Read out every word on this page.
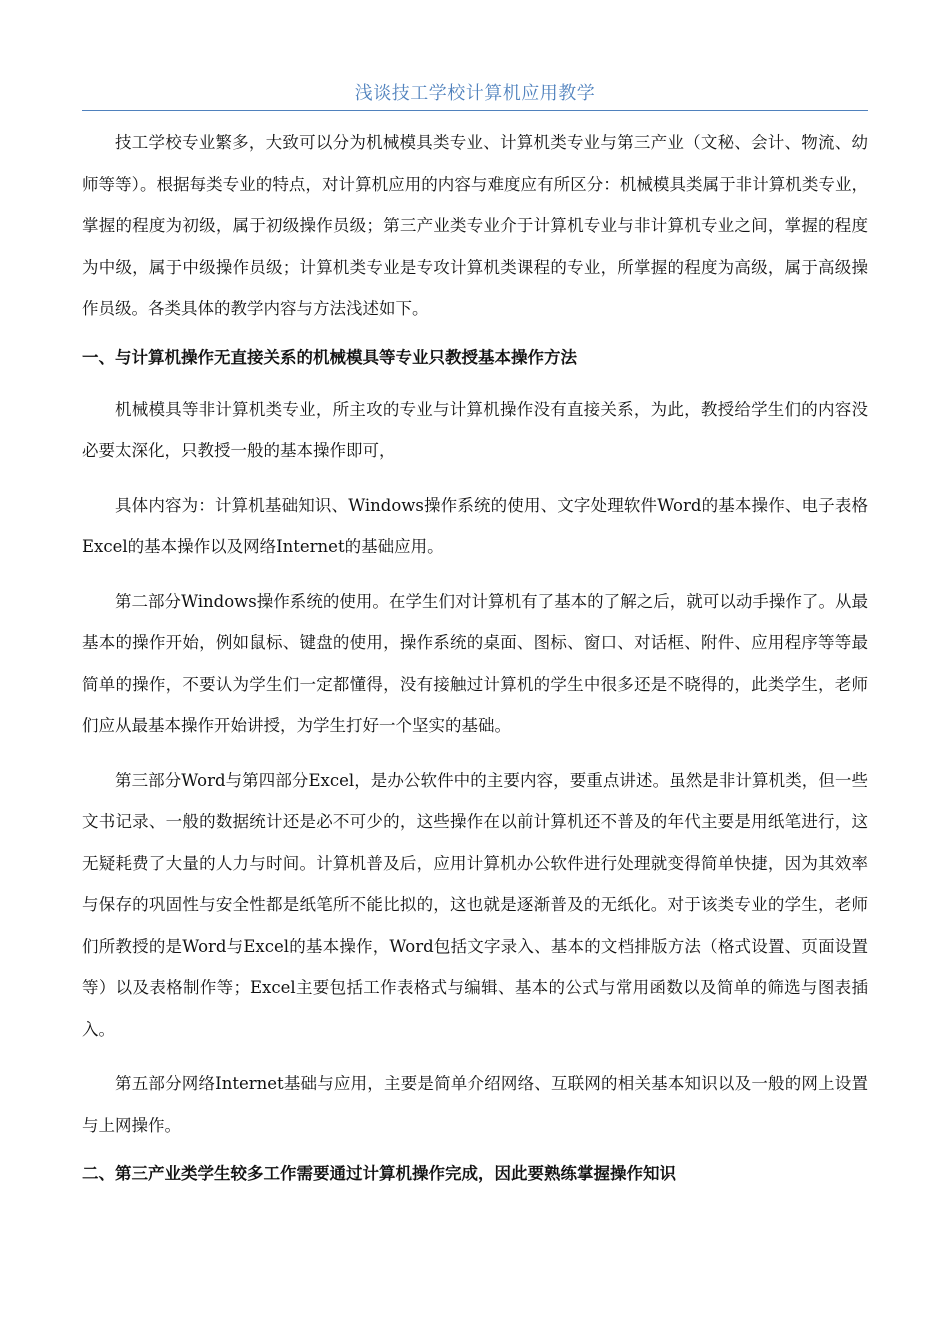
浅谈技工学校计算机应用教学

技工学校专业繁多，大致可以分为机械模具类专业、计算机类专业与第三产业（文秘、会计、物流、幼师等等）。根据每类专业的特点，对计算机应用的内容与难度应有所区分：机械模具类属于非计算机类专业，掌握的程度为初级，属于初级操作员级；第三产业类专业介于计算机专业与非计算机专业之间，掌握的程度为中级，属于中级操作员级；计算机类专业是专攻计算机类课程的专业，所掌握的程度为高级，属于高级操作员级。各类具体的教学内容与方法浅述如下。

一、与计算机操作无直接关系的机械模具等专业只教授基本操作方法

机械模具等非计算机类专业，所主攻的专业与计算机操作没有直接关系，为此，教授给学生们的内容没必要太深化，只教授一般的基本操作即可，

具体内容为：计算机基础知识、Windows操作系统的使用、文字处理软件Word的基本操作、电子表格Excel的基本操作以及网络Internet的基础应用。

第二部分Windows操作系统的使用。在学生们对计算机有了基本的了解之后，就可以动手操作了。从最基本的操作开始，例如鼠标、键盘的使用，操作系统的桌面、图标、窗口、对话框、附件、应用程序等等最简单的操作，不要认为学生们一定都懂得，没有接触过计算机的学生中很多还是不晓得的，此类学生，老师们应从最基本操作开始讲授，为学生打好一个坚实的基础。

第三部分Word与第四部分Excel，是办公软件中的主要内容，要重点讲述。虽然是非计算机类，但一些文书记录、一般的数据统计还是必不可少的，这些操作在以前计算机还不普及的年代主要是用纸笔进行，这无疑耗费了大量的人力与时间。计算机普及后，应用计算机办公软件进行处理就变得简单快捷，因为其效率与保存的巩固性与安全性都是纸笔所不能比拟的，这也就是逐渐普及的无纸化。对于该类专业的学生，老师们所教授的是Word与Excel的基本操作，Word包括文字录入、基本的文档排版方法（格式设置、页面设置等）以及表格制作等；Excel主要包括工作表格式与编辑、基本的公式与常用函数以及简单的筛选与图表插入。

第五部分网络Internet基础与应用，主要是简单介绍网络、互联网的相关基本知识以及一般的网上设置与上网操作。

二、第三产业类学生较多工作需要通过计算机操作完成，因此要熟练掌握操作知识
